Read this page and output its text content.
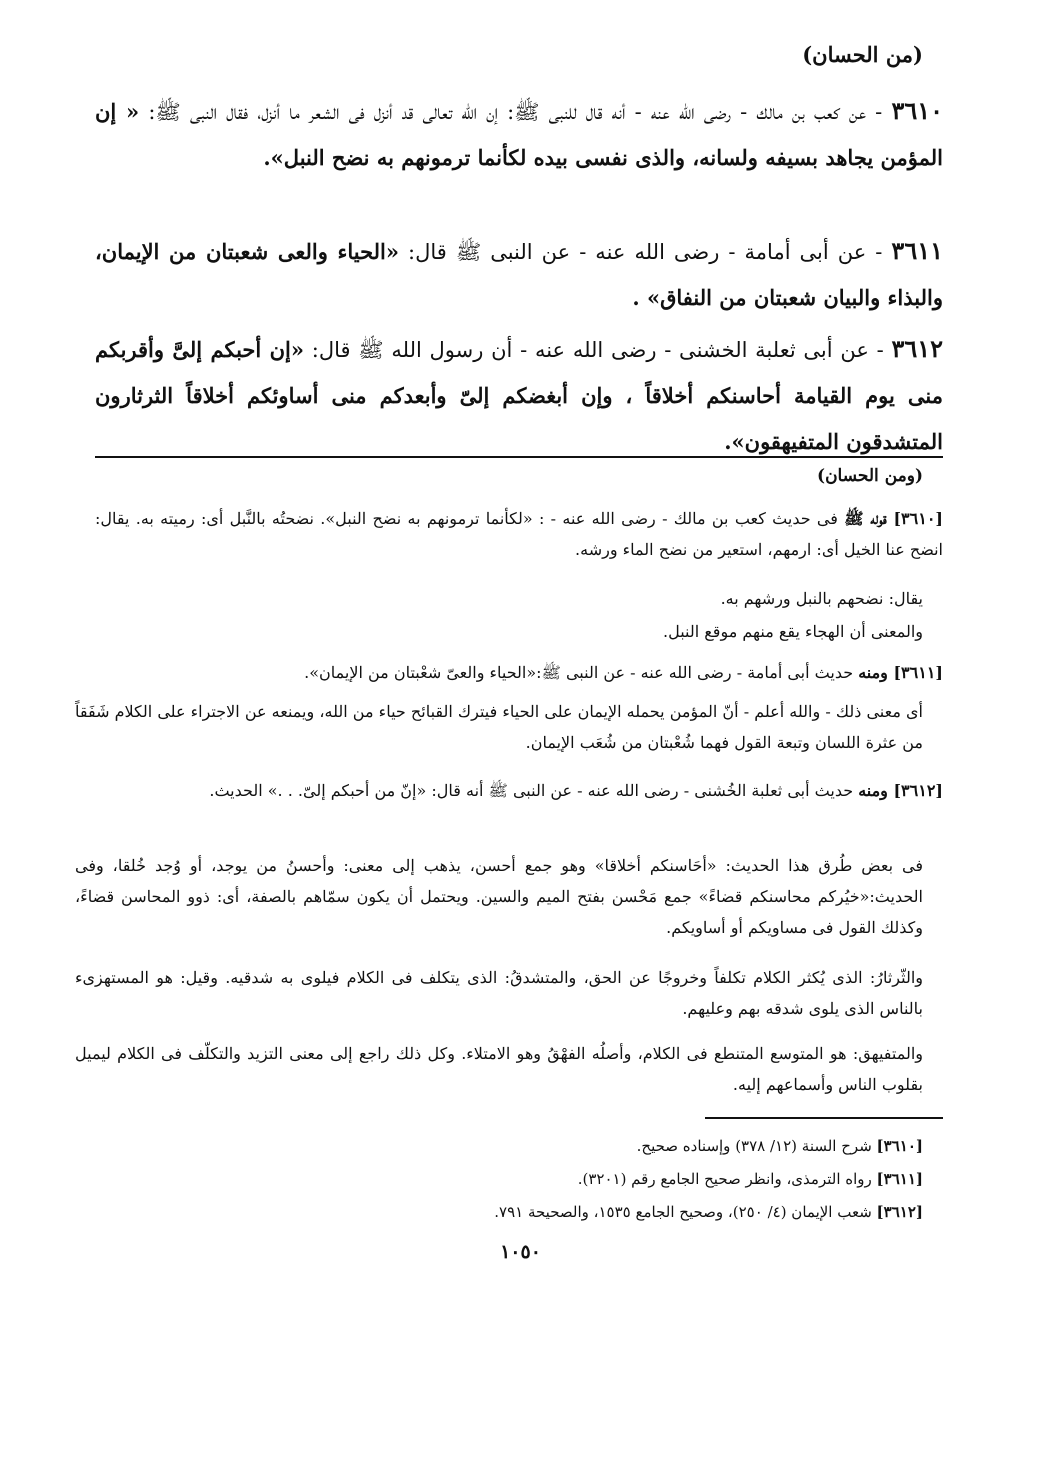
(من الحسان)
٣٦١٠ - عن كعب بن مالك - رضى الله عنه - أنه قال للنبى ﷺ: إن الله تعالى قد أنزل فى الشعر ما أنزل، فقال النبى ﷺ: « إن المؤمن يجاهد بسيفه ولسانه، والذى نفسى بيده لكأنما ترمونهم به نضح النبل».
٣٦١١ - عن أبى أمامة - رضى الله عنه - عن النبى ﷺ قال: «الحياء والعى شعبتان من الإيمان، والبذاء والبيان شعبتان من النفاق» .
٣٦١٢ - عن أبى ثعلبة الخشنى - رضى الله عنه - أن رسول الله ﷺ قال: «إن أحبكم إلىَّ وأقربكم منى يوم القيامة أحاسنكم أخلاقاً ، وإن أبغضكم إلىّ وأبعدكم منى أساوئكم أخلاقاً الثرثارون المتشدقون المتفيهقون».
(ومن الحسان)
[٣٦١٠] قوله ﷺ فى حديث كعب بن مالك - رضى الله عنه - : «لكأنما ترمونهم به نضح النبل». نضحتُه بالنَّبل أى: رميته به. يقال: انضح عنا الخيل أى: ارمهم، استعير من نضح الماء ورشه.
يقال: نضحهم بالنبل ورشهم به.
والمعنى أن الهجاء يقع منهم موقع النبل.
[٣٦١١] ومنه حديث أبى أمامة - رضى الله عنه - عن النبى ﷺ:«الحياء والعىّ شعْبتان من الإيمان».
أى معنى ذلك - والله أعلم - أنّ المؤمن يحمله الإيمان على الحياء فيترك القبائح حياء من الله، ويمنعه عن الاجتراء على الكلام شَفَقاً من عثرة اللسان وتبعة القول فهما شُعْبتان من شُعَب الإيمان.
[٣٦١٢] ومنه حديث أبى ثعلبة الخُشنى - رضى الله عنه - عن النبى ﷺ أنه قال: «إنّ من أحبكم إلىّ. . .» الحديث.
فى بعض طُرق هذا الحديث: «أحَاسنكم أخلاقا» وهو جمع أحسن، يذهب إلى معنى: وأحسنُ من يوجد، أو وُجد خُلقا، وفى الحديث:«خيُركم محاسنكم قضاءً» جمع مَحْسن بفتح الميم والسين. ويحتمل أن يكون سمّاهم بالصفة، أى: ذوو المحاسن قضاءً، وكذلك القول فى مساويكم أو أساويكم.
والثّرثارُ: الذى يُكثر الكلام تكلفاً وخروجًا عن الحق، والمتشدقُ: الذى يتكلف فى الكلام فيلوى به شدقيه. وقيل: هو المستهزىء بالناس الذى يلوى شدقه بهم وعليهم.
والمتفيهق: هو المتوسع المتنطع فى الكلام، وأصلُه الفهْقُ وهو الامتلاء. وكل ذلك راجع إلى معنى التزيد والتكلّف فى الكلام ليميل بقلوب الناس وأسماعهم إليه.
[٣٦١٠] شرح السنة (١٢/ ٣٧٨) وإسناده صحيح.
[٣٦١١] رواه الترمذى، وانظر صحيح الجامع رقم (٣٢٠١).
[٣٦١٢] شعب الإيمان (٤/ ٢٥٠)، وصحيح الجامع ١٥٣٥، والصحيحة ٧٩١.
١٠٥٠
